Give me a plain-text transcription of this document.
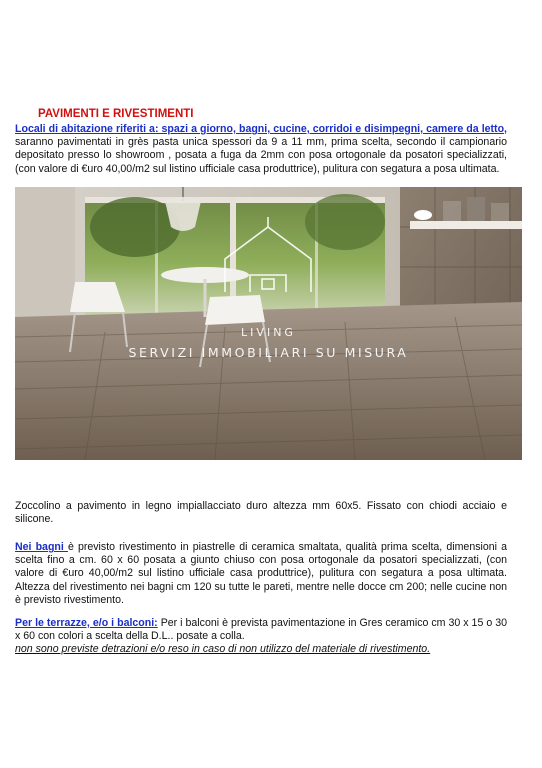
PAVIMENTI E RIVESTIMENTI
Locali di abitazione riferiti a: spazi a giorno, bagni, cucine, corridoi e disimpegni, camere da letto, saranno pavimentati in grès pasta unica spessori da 9 a 11 mm, prima scelta, secondo il campionario depositato presso lo showroom , posata a fuga da 2mm con posa ortogonale da posatori specializzati, (con valore di €uro 40,00/m2 sul listino ufficiale casa produttrice), pulitura con segatura a posa ultimata.
LIVING
SERVIZI IMMOBILIARI SU MISURA
Zoccolino a pavimento in legno impiallacciato duro altezza mm 60x5. Fissato con chiodi acciaio e silicone.
Nei bagni è previsto rivestimento in piastrelle di ceramica smaltata, qualità prima scelta, dimensioni a scelta fino a cm. 60 x 60 posata a giunto chiuso con posa ortogonale da posatori specializzati, (con valore di €uro 40,00/m2 sul listino ufficiale casa produttrice), pulitura con segatura a posa ultimata. Altezza del rivestimento nei bagni cm 120 su tutte le pareti, mentre nelle docce cm 200; nelle cucine non è previsto rivestimento.
Per le terrazze, e/o i balconi: Per i balconi è prevista pavimentazione in Gres ceramico cm 30 x 15 o 30 x 60 con colori a scelta della D.L.. posate a colla.
non sono previste detrazioni e/o reso in caso di non utilizzo del materiale di rivestimento.
